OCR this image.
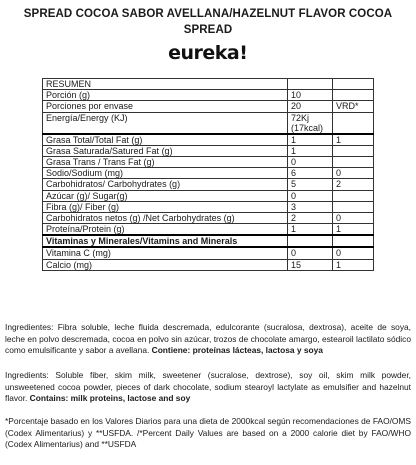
SPREAD COCOA SABOR AVELLANA/HAZELNUT FLAVOR COCOA
SPREAD
eureka!
RESUMEN		
Porción (g)	10	
Porciones por envase	20	VRD*
Energía/Energy (KJ)	72Kj (17kcal)	
Grasa Total/Total Fat (g)	1	1
Grasa Saturada/Satured Fat (g)	1	
Grasa Trans / Trans Fat (g)	0	
Sodio/Sodium (mg)	6	0
Carbohidratos/ Carbohydrates (g)	5	2
Azúcar (g)/ Sugar(g)	0	
Fibra (g)/ Fiber (g)	3	
Carbohidratos netos (g) /Net Carbohydrates (g)	2	0
Proteína/Protein (g)	1	1
Vitaminas y Minerales/Vitamins and Minerals		
Vitamina C (mg)	0	0
Calcio (mg)	15	1
Ingredientes: Fibra soluble, leche fluida descremada, edulcorante (sucralosa, dextrosa), aceite de soya, leche en polvo descremada, cocoa en polvo sin azúcar, trozos de chocolate amargo, estearoil lactilato sódico como emulsificante y sabor a avellana. Contiene: proteínas lácteas, lactosa y soya
Ingredients: Soluble fiber, skim milk, sweetener (sucralose, dextrose), soy oil, skim milk powder, unsweetened cocoa powder, pieces of dark chocolate, sodium stearoyl lactylate as emulsifier and hazelnut flavor. Contains: milk proteins, lactose and soy
*Porcentaje basado en los Valores Diarios para una dieta de 2000kcal según recomendaciones de FAO/OMS (Codex Alimentarius) y **USFDA. /*Percent Daily Values are based on a 2000 calorie diet by FAO/WHO (Codex Alimentarius) and **USFDA
